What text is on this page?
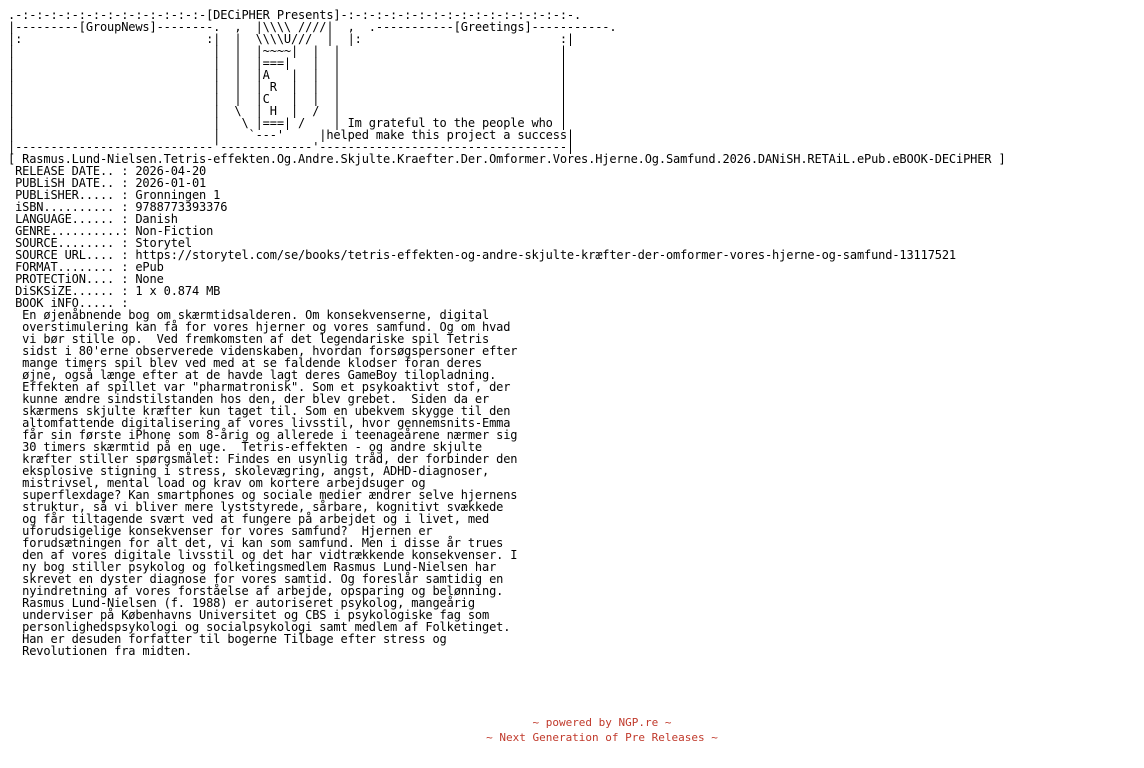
.-:-:-:-:-:-:-:-:-:-:-:-:-:-[DECiPHER Presents]-:-:-:-:-:-:-:-:-:-:-:-:-:-:-:-:-.
|---------[GroupNews]--------.  ,  |\\\\ ////|  ,  .-----------[Greetings]-----------.
|:                          :|  |  \\\\U///  |  |:                            :|
|                            |  |  |~~~~|  |  |                               |
|                            |  |  |===|   |  |                               |
|                            |  |  |A   |  |  |                               |
|                            |  |  | R  |  |  |                               |
|                            |  |  |C   |  |  |                               |
|                            |  \  | H  |  /  |                               |
|                            |   \ |===| /    | Im grateful to the people who |
|                            |    `---'     |helped make this project a success|
|----------------------------'-------------'-----------------------------------|
[ Rasmus.Lund-Nielsen.Tetris-effekten.Og.Andre.Skjulte.Kraefter.Der.Omformer.Vores.Hjerne.Og.Samfund.2026.DANiSH.RETAiL.ePub.eBOOK-DECiPHER ]
RELEASE DATE.. : 2026-04-20
PUBLiSH DATE.. : 2026-01-01
PUBLiSHER..... : Gronningen 1
iSBN.......... : 9788773393376
LANGUAGE...... : Danish
GENRE..........: Non-Fiction
SOURCE........ : Storytel
SOURCE URL.... : https://storytel.com/se/books/tetris-effekten-og-andre-skjulte-kræfter-der-omformer-vores-hjerne-og-samfund-13117521
FORMAT........ : ePub
PROTECTiON.... : None
DiSKSiZE...... : 1 x 0.874 MB
BOOK iNFO..... :
En øjenåbnende bog om skærmtidsalderen. Om konsekvenserne, digital
overstimulering kan få for vores hjerner og vores samfund. Og om hvad
vi bør stille op.  Ved fremkomsten af det legendariske spil Tetris
sidst i 80'erne observerede videnskaben, hvordan forsøgspersoner efter
mange timers spil blev ved med at se faldende klodser foran deres
øjne, også længe efter at de havde lagt deres GameBoy tilopladning.
Effekten af spillet var "pharmatronisk". Som et psykoaktivt stof, der
kunne ændre sindstilstanden hos den, der blev grebet.  Siden da er
skærmens skjulte kræfter kun taget til. Som en ubekvem skygge til den
altomfattende digitalisering af vores livsstil, hvor gennemsnits-Emma
får sin første iPhone som 8-årig og allerede i teenageårene nærmer sig
30 timers skærmtid på en uge.  Tetris-effekten - og andre skjulte
kræfter stiller spørgsmålet: Findes en usynlig tråd, der forbinder den
eksplosive stigning i stress, skolevægring, angst, ADHD-diagnoser,
mistrivsel, mental load og krav om kortere arbejdsuger og
superflexdage? Kan smartphones og sociale medier ændrer selve hjernens
struktur, så vi bliver mere lyststyrede, sårbare, kognitivt svækkede
og får tiltagende svært ved at fungere på arbejdet og i livet, med
uforudsigelige konsekvenser for vores samfund?  Hjernen er
forudsætningen for alt det, vi kan som samfund. Men i disse år trues
den af vores digitale livsstil og det har vidtrækkende konsekvenser. I
ny bog stiller psykolog og folketingsmedlem Rasmus Lund-Nielsen har
skrevet en dyster diagnose for vores samtid. Og foreslår samtidig en
nyindretning af vores forståelse af arbejde, opsparing og belønning.
Rasmus Lund-Nielsen (f. 1988) er autoriseret psykolog, mangeårig
underviser på Københavns Universitet og CBS i psykologiske fag som
personlighedspsykologi og socialpsykologi samt medlem af Folketinget.
Han er desuden forfatter til bogerne Tilbage efter stress og
Revolutionen fra midten.
~ powered by NGP.re ~
~ Next Generation of Pre Releases ~
